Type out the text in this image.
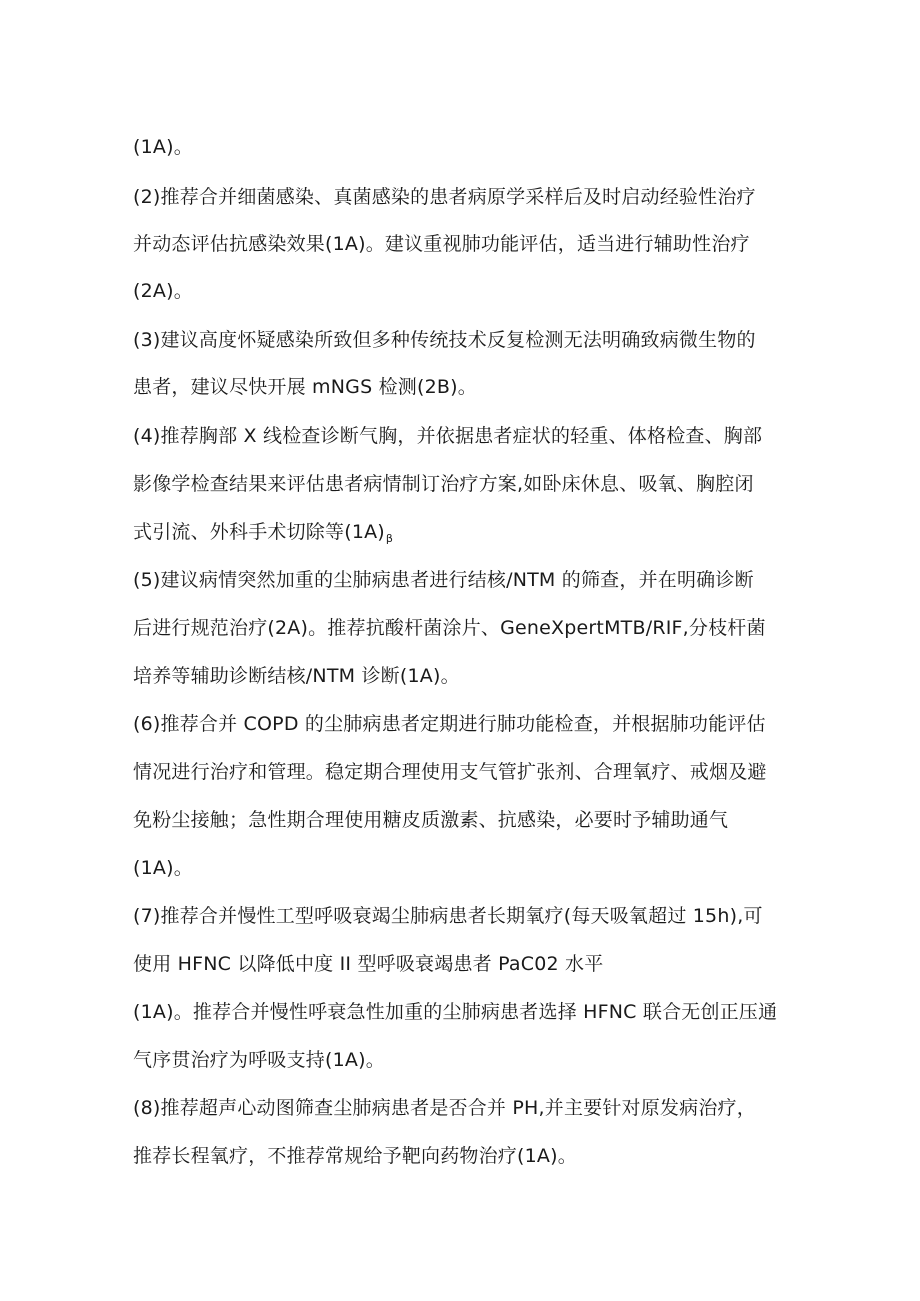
(1A)。
(2)推荐合并细菌感染、真菌感染的患者病原学采样后及时启动经验性治疗
并动态评估抗感染效果(1A)。建议重视肺功能评估，适当进行辅助性治疗
(2A)。
(3)建议高度怀疑感染所致但多种传统技术反复检测无法明确致病微生物的
患者，建议尽快开展 mNGS 检测(2B)。
(4)推荐胸部 X 线检查诊断气胸，并依据患者症状的轻重、体格检查、胸部
影像学检查结果来评估患者病情制订治疗方案,如卧床休息、吸氧、胸腔闭
式引流、外科手术切除等$(1A)_\beta$
(5)建议病情突然加重的尘肺病患者进行结核/NTM 的筛查，并在明确诊断
后进行规范治疗(2A)。推荐抗酸杆菌涂片、GeneXpertMTB/RIF,分枝杆菌
培养等辅助诊断结核/NTM 诊断(1A)。
(6)推荐合并 COPD 的尘肺病患者定期进行肺功能检查，并根据肺功能评估
情况进行治疗和管理。稳定期合理使用支气管扩张剂、合理氧疗、戒烟及避
免粉尘接触；急性期合理使用糖皮质激素、抗感染，必要时予辅助通气
(1A)。
(7)推荐合并慢性工型呼吸衰竭尘肺病患者长期氧疗(每天吸氧超过 15h),可
使用 HFNC 以降低中度 II 型呼吸衰竭患者 PaC02 水平
(1A)。推荐合并慢性呼衰急性加重的尘肺病患者选择 HFNC 联合无创正压通
气序贯治疗为呼吸支持(1A)。
(8)推荐超声心动图筛查尘肺病患者是否合并 PH,并主要针对原发病治疗，
推荐长程氧疗，不推荐常规给予靶向药物治疗(1A)。
